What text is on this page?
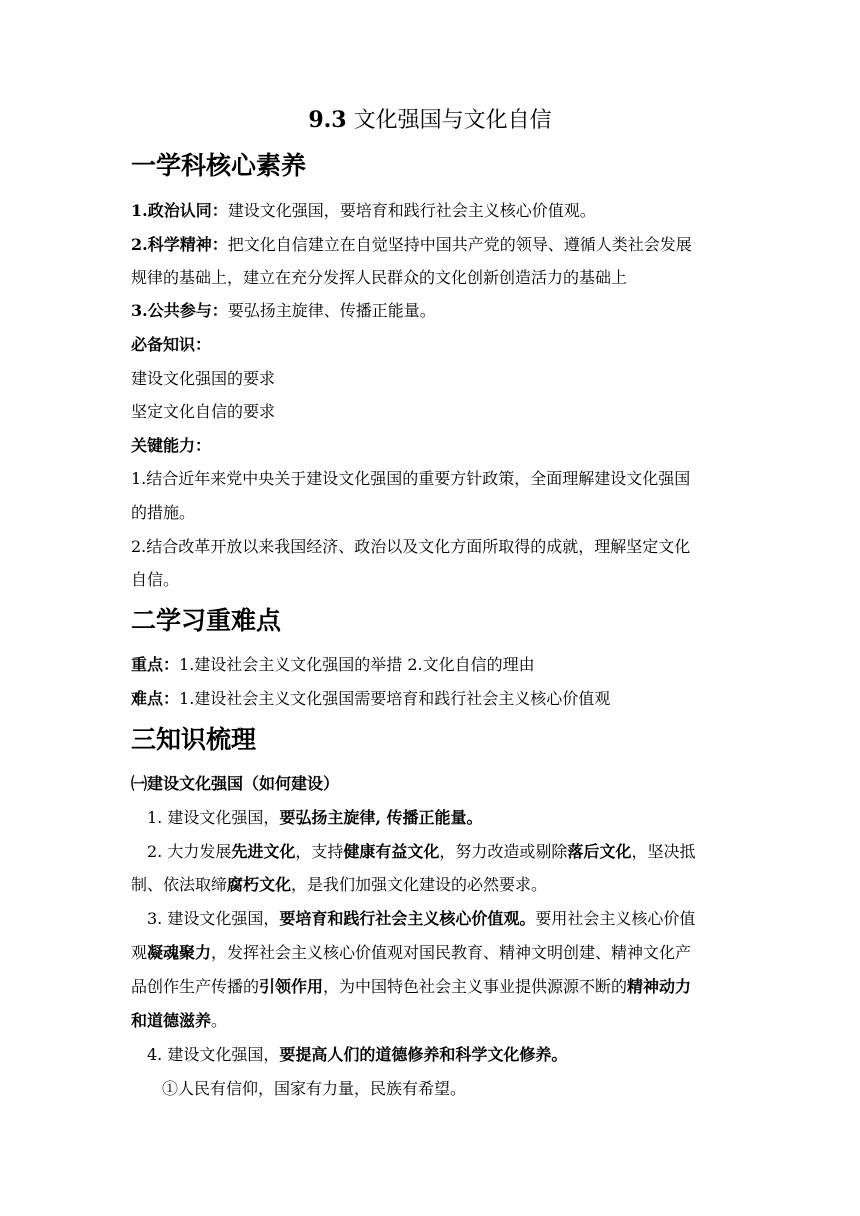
9.3 文化强国与文化自信
一学科核心素养
1.政治认同：建设文化强国，要培育和践行社会主义核心价值观。
2.科学精神：把文化自信建立在自觉坚持中国共产党的领导、遵循人类社会发展
规律的基础上，建立在充分发挥人民群众的文化创新创造活力的基础上
3.公共参与：要弘扬主旋律、传播正能量。
必备知识：
建设文化强国的要求
坚定文化自信的要求
关键能力：
1.结合近年来党中央关于建设文化强国的重要方针政策，全面理解建设文化强国
的措施。
2.结合改革开放以来我国经济、政治以及文化方面所取得的成就，理解坚定文化
自信。
二学习重难点
重点：1.建设社会主义文化强国的举措 2.文化自信的理由
难点：1.建设社会主义文化强国需要培育和践行社会主义核心价值观
三知识梳理
㈠建设文化强国（如何建设）
1. 建设文化强国，要弘扬主旋律, 传播正能量。
2. 大力发展先进文化，支持健康有益文化，努力改造或剔除落后文化，坚决抵
制、依法取缔腐朽文化，是我们加强文化建设的必然要求。
3. 建设文化强国，要培育和践行社会主义核心价值观。要用社会主义核心价值
观凝魂聚力，发挥社会主义核心价值观对国民教育、精神文明创建、精神文化产
品创作生产传播的引领作用，为中国特色社会主义事业提供源源不断的精神动力
和道德滋养。
4. 建设文化强国，要提高人们的道德修养和科学文化修养。
①人民有信仰，国家有力量，民族有希望。
